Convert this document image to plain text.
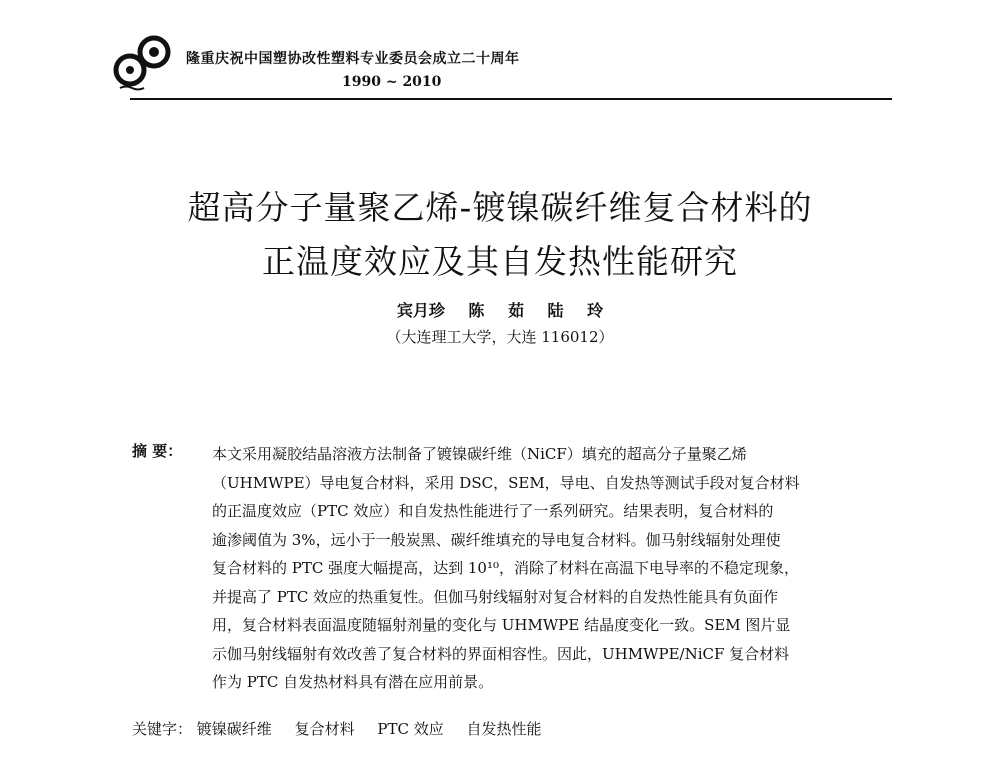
隆重庆祝中国塑协改性塑料专业委员会成立二十周年
1990 ~ 2010
超高分子量聚乙烯-镀镍碳纤维复合材料的
正温度效应及其自发热性能研究
宾月珍 陈 茹 陆 玲
（大连理工大学，大连 116012）
摘 要： 本文采用凝胶结晶溶液方法制备了镀镍碳纤维（NiCF）填充的超高分子量聚乙烯
（UHMWPE）导电复合材料，采用 DSC，SEM，导电、自发热等测试手段对复合材料
的正温度效应（PTC 效应）和自发热性能进行了一系列研究。结果表明，复合材料的
逾渗阈值为 3%，远小于一般炭黑、碳纤维填充的导电复合材料。伽马射线辐射处理使
复合材料的 PTC 强度大幅提高，达到 10¹⁰，消除了材料在高温下电导率的不稳定现象，
并提高了 PTC 效应的热重复性。但伽马射线辐射对复合材料的自发热性能具有负面作
用，复合材料表面温度随辐射剂量的变化与 UHMWPE 结晶度变化一致。SEM 图片显
示伽马射线辐射有效改善了复合材料的界面相容性。因此，UHMWPE/NiCF 复合材料
作为 PTC 自发热材料具有潜在应用前景。
关键字： 镀镍碳纤维 复合材料 PTC 效应 自发热性能
